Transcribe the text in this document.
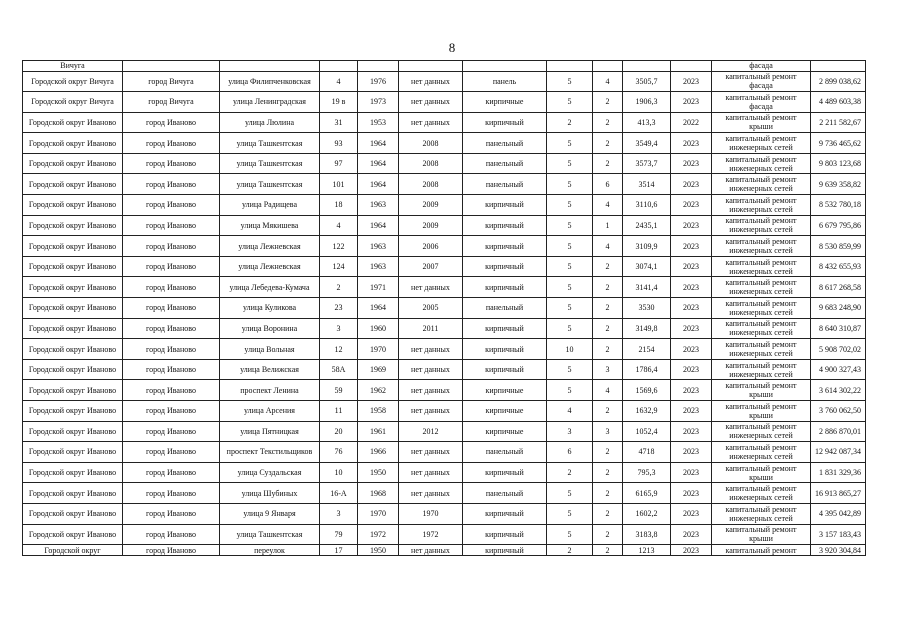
8
Вичуга											фасада	
Городской округ Вичуга	город Вичуга	улица Филипченковская	4	1976	нет данных	панель	5	4	3505,7	2023	капитальный ремонт фасада	2 899 038,62
Городской округ Вичуга	город Вичуга	улица Ленинградская	19 в	1973	нет данных	кирпичные	5	2	1906,3	2023	капитальный ремонт фасада	4 489 603,38
Городской округ Иваново	город Иваново	улица Люлина	31	1953	нет данных	кирпичный	2	2	413,3	2022	капитальный ремонт крыши	2 211 582,67
Городской округ Иваново	город Иваново	улица Ташкентская	93	1964	2008	панельный	5	2	3549,4	2023	капитальный ремонт инженерных сетей	9 736 465,62
Городской округ Иваново	город Иваново	улица Ташкентская	97	1964	2008	панельный	5	2	3573,7	2023	капитальный ремонт инженерных сетей	9 803 123,68
Городской округ Иваново	город Иваново	улица Ташкентская	101	1964	2008	панельный	5	6	3514	2023	капитальный ремонт инженерных сетей	9 639 358,82
Городской округ Иваново	город Иваново	улица Радищева	18	1963	2009	кирпичный	5	4	3110,6	2023	капитальный ремонт инженерных сетей	8 532 780,18
Городской округ Иваново	город Иваново	улица Мякишева	4	1964	2009	кирпичный	5	1	2435,1	2023	капитальный ремонт инженерных сетей	6 679 795,86
Городской округ Иваново	город Иваново	улица Лежневская	122	1963	2006	кирпичный	5	4	3109,9	2023	капитальный ремонт инженерных сетей	8 530 859,99
Городской округ Иваново	город Иваново	улица Лежневская	124	1963	2007	кирпичный	5	2	3074,1	2023	капитальный ремонт инженерных сетей	8 432 655,93
Городской округ Иваново	город Иваново	улица Лебедева-Кумача	2	1971	нет данных	кирпичный	5	2	3141,4	2023	капитальный ремонт инженерных сетей	8 617 268,58
Городской округ Иваново	город Иваново	улица Куликова	23	1964	2005	панельный	5	2	3530	2023	капитальный ремонт инженерных сетей	9 683 248,90
Городской округ Иваново	город Иваново	улица Воронина	3	1960	2011	кирпичный	5	2	3149,8	2023	капитальный ремонт инженерных сетей	8 640 310,87
Городской округ Иваново	город Иваново	улица Вольная	12	1970	нет данных	кирпичный	10	2	2154	2023	капитальный ремонт инженерных сетей	5 908 702,02
Городской округ Иваново	город Иваново	улица Велижская	58А	1969	нет данных	кирпичный	5	3	1786,4	2023	капитальный ремонт инженерных сетей	4 900 327,43
Городской округ Иваново	город Иваново	проспект Ленина	59	1962	нет данных	кирпичные	5	4	1569,6	2023	капитальный ремонт крыши	3 614 302,22
Городской округ Иваново	город Иваново	улица Арсения	11	1958	нет данных	кирпичные	4	2	1632,9	2023	капитальный ремонт крыши	3 760 062,50
Городской округ Иваново	город Иваново	улица Пятницкая	20	1961	2012	кирпичные	3	3	1052,4	2023	капитальный ремонт инженерных сетей	2 886 870,01
Городской округ Иваново	город Иваново	проспект Текстильщиков	76	1966	нет данных	панельный	6	2	4718	2023	капитальный ремонт инженерных сетей	12 942 087,34
Городской округ Иваново	город Иваново	улица Суздальская	10	1950	нет данных	кирпичный	2	2	795,3	2023	капитальный ремонт крыши	1 831 329,36
Городской округ Иваново	город Иваново	улица Шубиных	16-А	1968	нет данных	панельный	5	2	6165,9	2023	капитальный ремонт инженерных сетей	16 913 865,27
Городской округ Иваново	город Иваново	улица 9 Января	3	1970	1970	кирпичный	5	2	1602,2	2023	капитальный ремонт инженерных сетей	4 395 042,89
Городской округ Иваново	город Иваново	улица Ташкентская	79	1972	1972	кирпичный	5	2	3183,8	2023	капитальный ремонт крыши	3 157 183,43
Городской округ	город Иваново	переулок	17	1950	нет данных	кирпичный	2	2	1213	2023	капитальный ремонт	3 920 304,84
